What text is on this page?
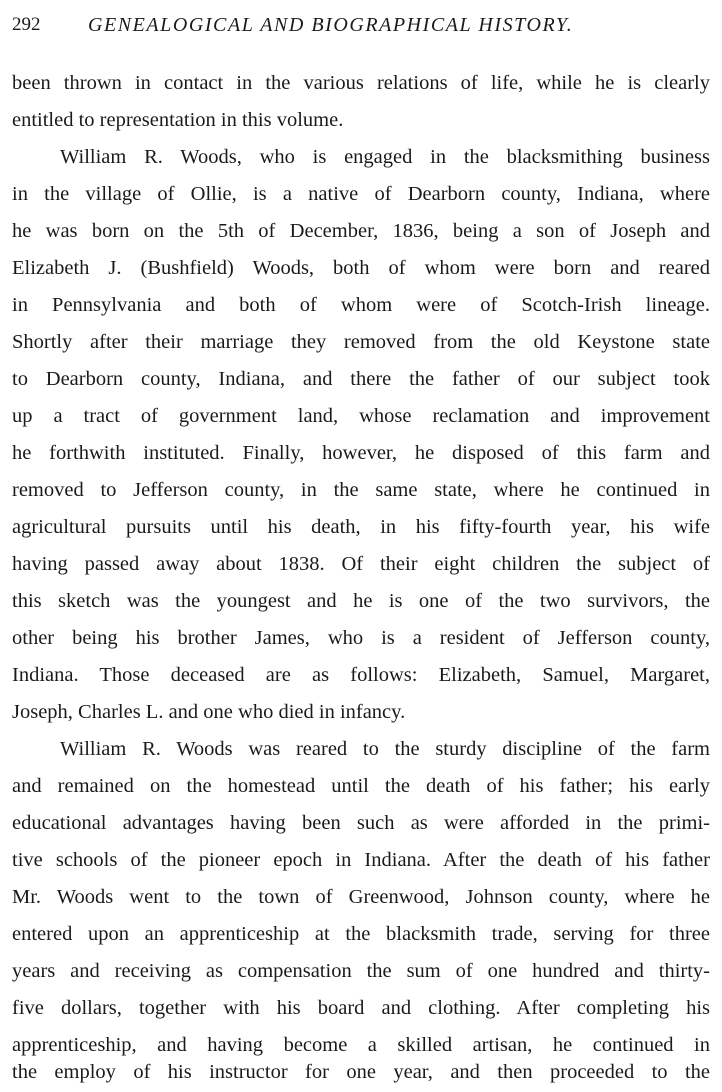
292 GENEALOGICAL AND BIOGRAPHICAL HISTORY.
been thrown in contact in the various relations of life, while he is clearly
entitled to representation in this volume.
William R. Woods, who is engaged in the blacksmithing business
in the village of Ollie, is a native of Dearborn county, Indiana, where
he was born on the 5th of December, 1836, being a son of Joseph and
Elizabeth J. (Bushfield) Woods, both of whom were born and reared
in Pennsylvania and both of whom were of Scotch-Irish lineage.
Shortly after their marriage they removed from the old Keystone state
to Dearborn county, Indiana, and there the father of our subject took
up a tract of government land, whose reclamation and improvement
he forthwith instituted. Finally, however, he disposed of this farm and
removed to Jefferson county, in the same state, where he continued in
agricultural pursuits until his death, in his fifty-fourth year, his wife
having passed away about 1838. Of their eight children the subject of
this sketch was the youngest and he is one of the two survivors, the
other being his brother James, who is a resident of Jefferson county,
Indiana. Those deceased are as follows: Elizabeth, Samuel, Margaret,
Joseph, Charles L. and one who died in infancy.
William R. Woods was reared to the sturdy discipline of the farm
and remained on the homestead until the death of his father; his early
educational advantages having been such as were afforded in the primi-
tive schools of the pioneer epoch in Indiana. After the death of his father
Mr. Woods went to the town of Greenwood, Johnson county, where he
entered upon an apprenticeship at the blacksmith trade, serving for three
years and receiving as compensation the sum of one hundred and thirty-
five dollars, together with his board and clothing. After completing his
apprenticeship, and having become a skilled artisan, he continued in
the employ of his instructor for one year, and then proceeded to the
